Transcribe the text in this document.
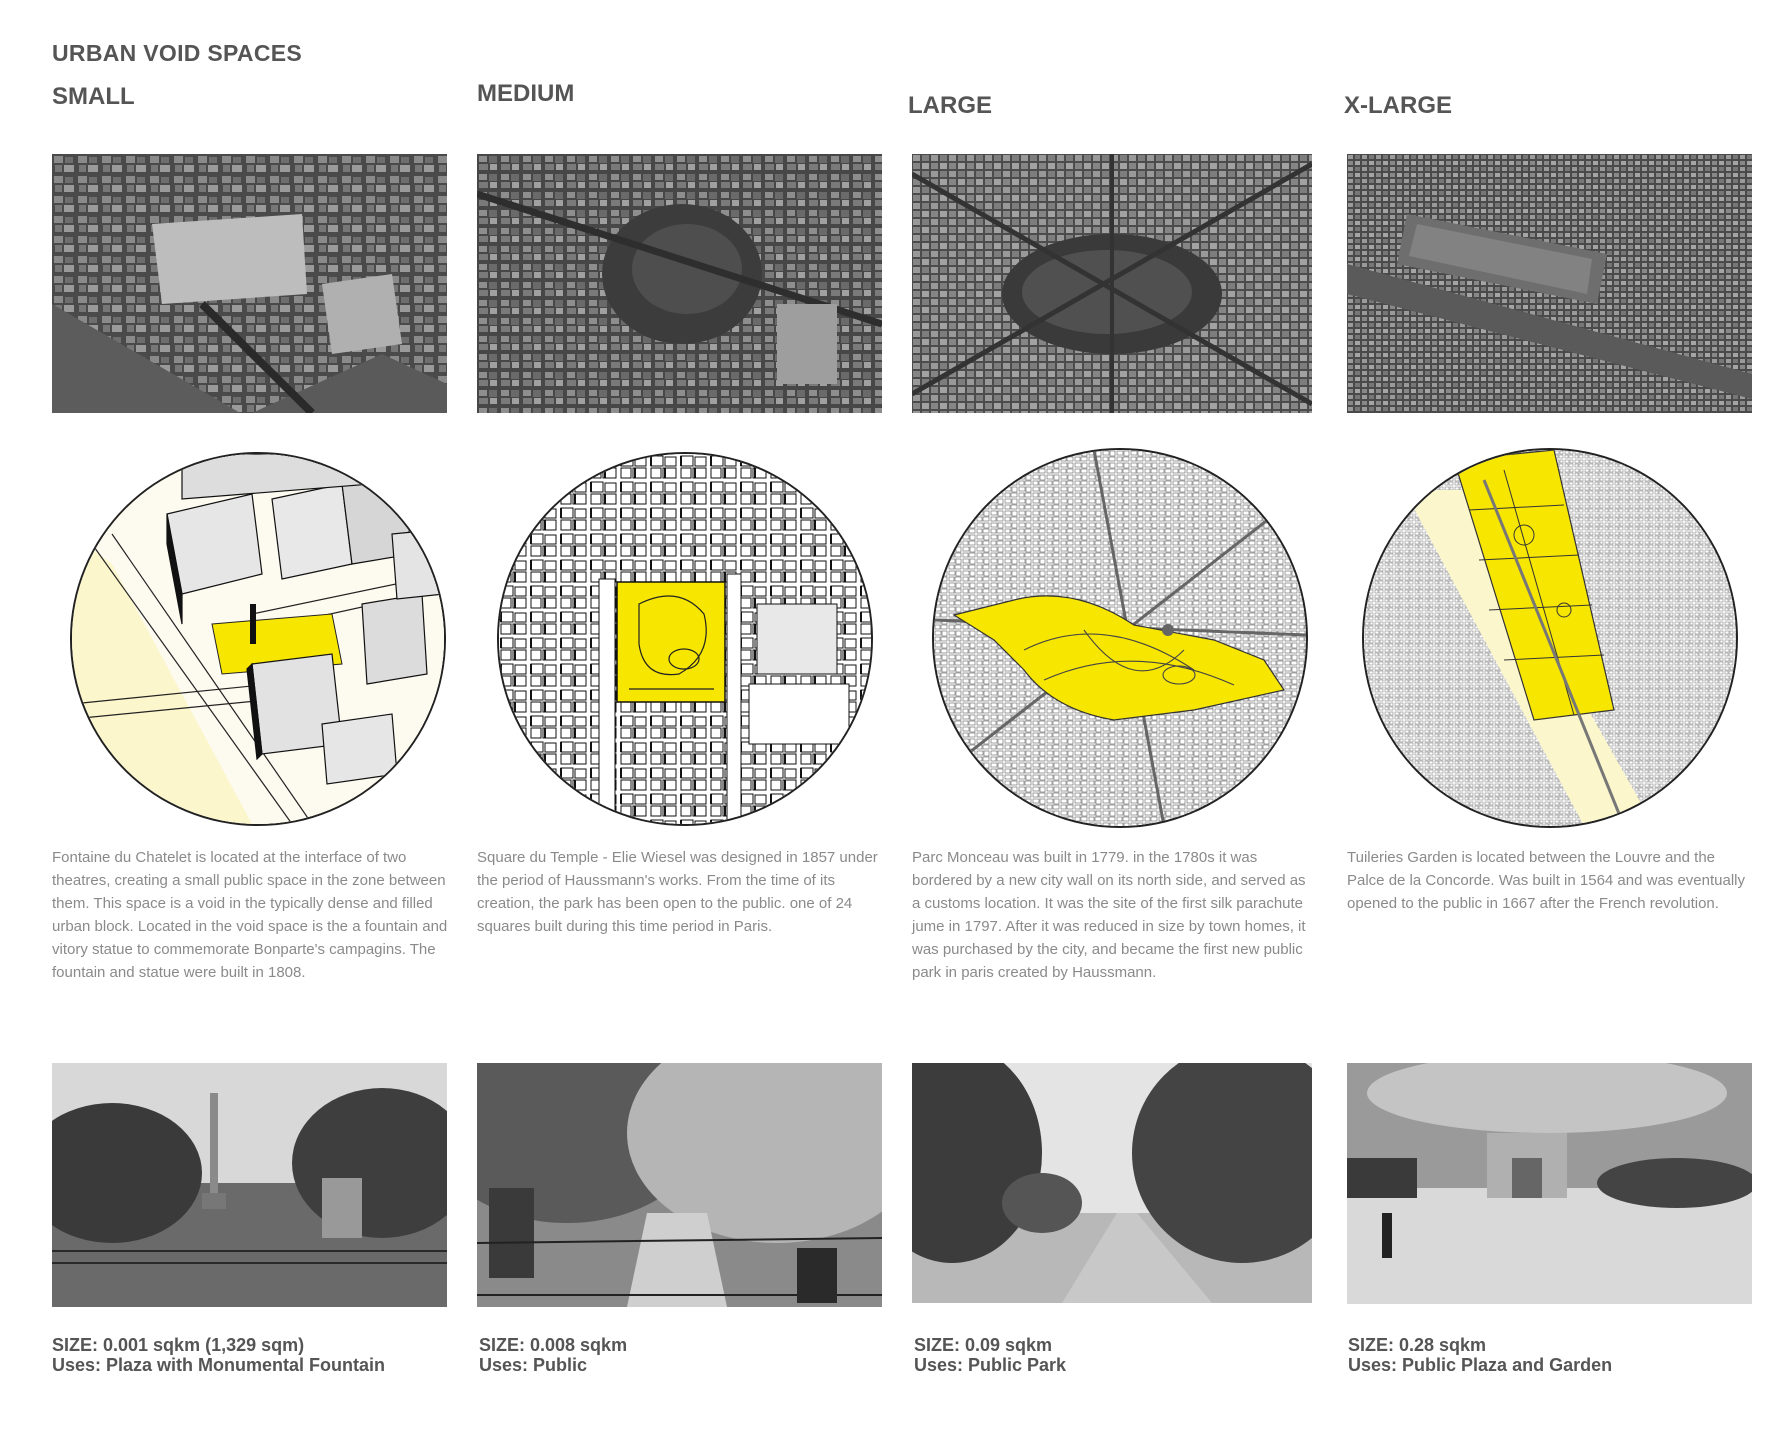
URBAN VOID SPACES
SMALL	MEDIUM	LARGE	X-LARGE
Fontaine du Chatelet is located at the interface of two theatres, creating a small public space in the zone between them. This space is a void in the typically dense and filled urban block. Located in the void space is the a fountain and vitory statue to commemorate Bonparte's campagins. The fountain and statue were built in 1808.
Square du Temple - Elie Wiesel was designed in 1857 under the period of Haussmann's works. From the time of its creation, the park has been open to the public. one of 24 squares built during this time period in Paris.
Parc Monceau was built in 1779. in the 1780s it was bordered by a new city wall on its north side, and served as a customs location. It was the site of the first silk parachute jume in 1797. After it was reduced in size by town homes, it was purchased by the city, and became the first new public park in paris created by Haussmann.
Tuileries Garden is located between the Louvre and the Palce de la Concorde. Was built in 1564 and was eventually opened to the public in 1667 after the French revolution.
SIZE: 0.001 sqkm (1,329 sqm)
Uses: Plaza with Monumental Fountain
SIZE: 0.008 sqkm
Uses: Public
SIZE: 0.09 sqkm
Uses: Public Park
SIZE: 0.28 sqkm
Uses: Public Plaza and Garden
